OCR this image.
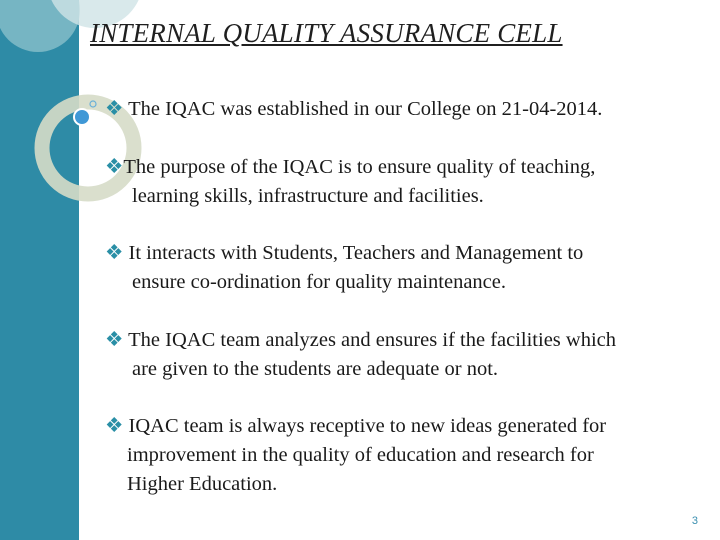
INTERNAL QUALITY ASSURANCE CELL
❖ The IQAC was established in our College on 21-04-2014.
❖The purpose of the IQAC is to ensure quality of teaching,
learning skills, infrastructure and facilities.
❖ It interacts with Students, Teachers and Management to
ensure co-ordination for quality maintenance.
❖ The IQAC team analyzes and ensures if the facilities which
are given to the students are adequate or not.
❖ IQAC team is always receptive to new ideas generated for
improvement in the quality of education and research for
Higher Education.
3
